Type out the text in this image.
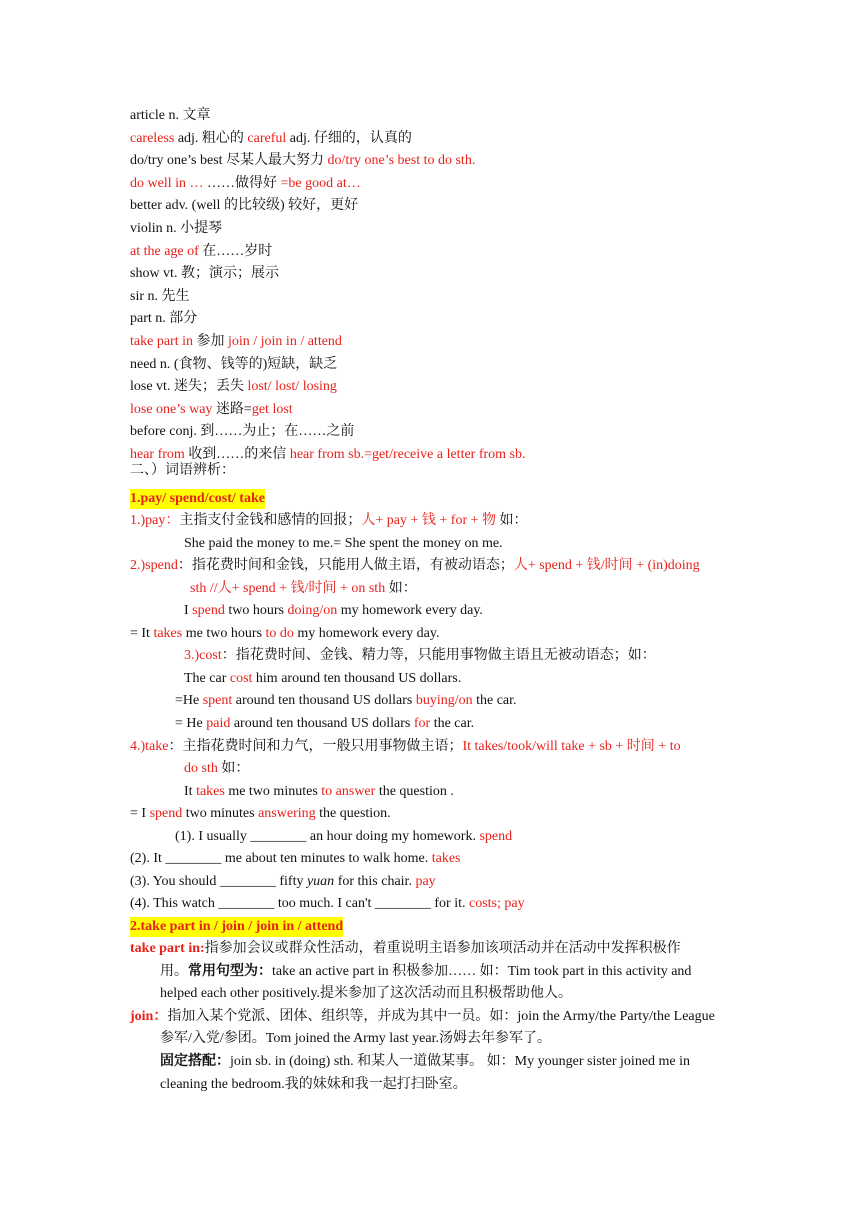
article n. 文章
careless adj. 粗心的 careful adj. 仔细的，认真的
do/try one’s best 尽某人最大努力 do/try one’s best to do sth.
do well in … ……做得好 =be good at…
better adv. (well 的比较级) 较好，更好
violin n. 小提琴
at the age of 在……岁时
show vt. 教；演示；展示
sir n. 先生
part n. 部分
take part in 参加 join / join in / attend
need n. (食物、钱等的)短缺，缺乏
lose vt. 迷失；丢失 lost/ lost/ losing
lose one’s way 迷路=get lost
before conj. 到……为止；在……之前
hear from 收到……的来信 hear from sb.=get/receive a letter from sb.
二、）词语辨析：
1.pay/ spend/cost/ take
1.)pay：主指支付金钱和感情的回报；人+ pay + 钱 + for + 物 如：
She paid the money to me.= She spent the money on me.
2.)spend：指花费时间和金钱，只能用人做主语，有被动语态；人+ spend + 钱/时间 + (in)doing
sth //人+ spend + 钱/时间 + on sth 如：
I spend two hours doing/on my homework every day.
= It takes me two hours to do my homework every day.
3.)cost：指花费时间、金钱、精力等，只能用事物做主语且无被动语态；如：
The car cost him around ten thousand US dollars.
=He spent around ten thousand US dollars buying/on the car.
= He paid around ten thousand US dollars for the car.
4.)take：主指花费时间和力气，一般只用事物做主语；It takes/took/will take + sb + 时间 + to
do sth 如：
It takes me two minutes to answer the question .
= I spend two minutes answering the question.
(1). I usually ________ an hour doing my homework. spend
(2). It ________ me about ten minutes to walk home. takes
(3). You should ________ fifty yuan for this chair. pay
(4). This watch ________ too much. I can't ________ for it. costs; pay
2.take part in / join / join in / attend
take part in:指参加会议或群众性活动，着重说明主语参加该项活动并在活动中发挥积极作
用。常用句型为：take an active part in 积极参加…… 如：Tim took part in this activity and
helped each other positively.提米参加了这次活动而且积极帮助他人。
join：指加入某个党派、团体、组织等，并成为其中一员。如：join the Army/the Party/the League
参军/入党/参团。Tom joined the Army last year.汤姆去年参军了。
固定搭配：join sb. in (doing) sth. 和某人一道做某事。 如：My younger sister joined me in
cleaning the bedroom.我的妹妹和我一起打扫卧室。
